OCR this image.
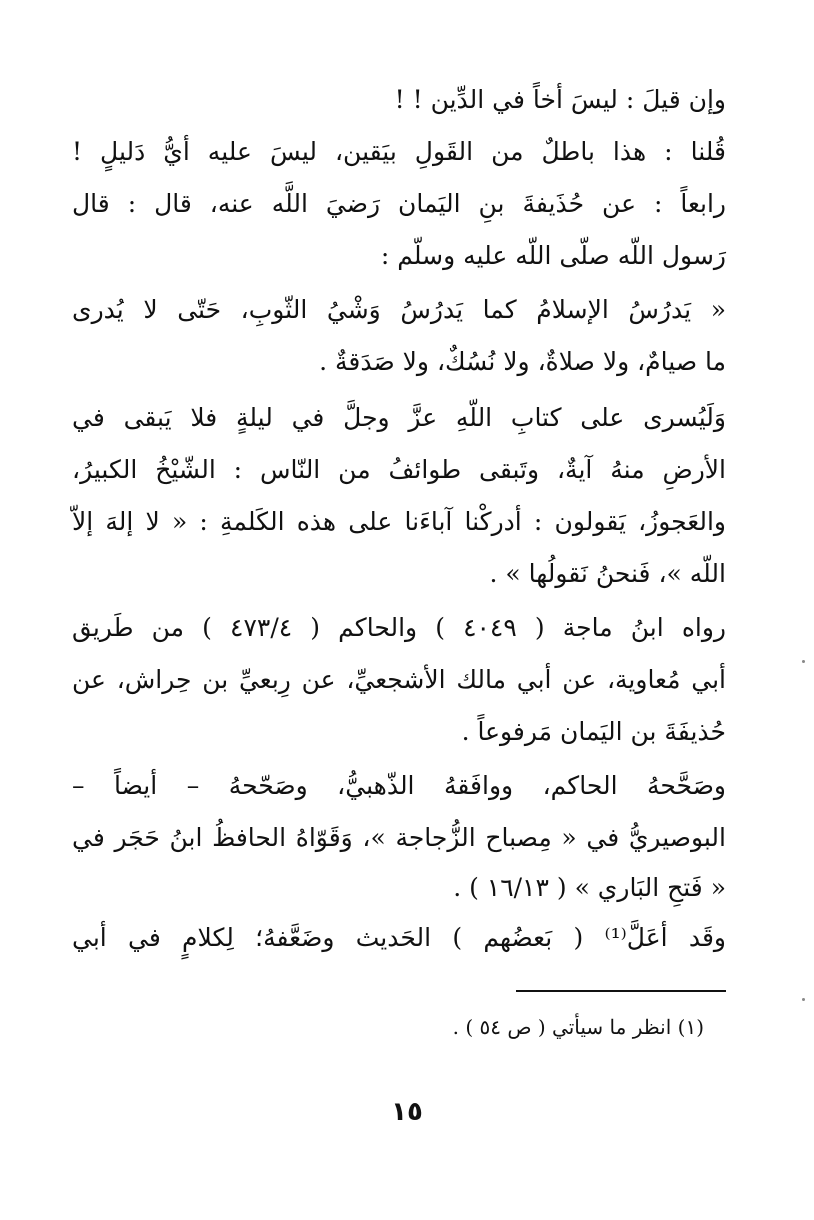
وإن قيلَ : ليسَ أخاً في الدِّين ! !
قُلنا : هذا باطلٌ من القَولِ بيَقين، ليسَ عليه أيُّ دَليلٍ !
رابعاً : عن حُذَيفةَ بنِ اليَمان رَضيَ اللَّه عنه، قال : قال
رَسول اللّه صلّى اللّه عليه وسلّم :
« يَدرُسُ الإسلامُ كما يَدرُسُ وَشْيُ الثّوبِ، حَتّى لا يُدرى
ما صيامٌ، ولا صلاةٌ، ولا نُسُكٌ، ولا صَدَقةٌ .
وَلَيُسرى على كتابِ اللّهِ عزَّ وجلَّ في ليلةٍ فلا يَبقى في
الأرضِ منهُ آيةٌ، وتَبقى طوائفُ من النّاس : الشّيْخُ الكبيرُ،
والعَجوزُ، يَقولون : أدركْنا آباءَنا على هذه الكَلمةِ : « لا إلهَ إلاّ
اللّه »، فَنحنُ نَقولُها » .
رواه ابنُ ماجة ( ٤٠٤٩ ) والحاكم ( ٤٧٣/٤ ) من طَريق
أبي مُعاوية، عن أبي مالك الأشجعيِّ، عن رِبعيِّ بن حِراش، عن
حُذيفَةَ بن اليَمان مَرفوعاً .
وصَحَّحهُ الحاكم، ووافَقهُ الذّهبيُّ، وصَحّحهُ – أيضاً –
البوصيريُّ في « مِصباح الزُّجاجة »، وَقَوّاهُ الحافظُ ابنُ حَجَر في
« فَتحِ البَاري » ( ١٦/١٣ ) .
وقَد أعَلَّ⁽¹⁾ ( بَعضُهم ) الحَديث وضَعَّفهُ؛ لِكلامٍ في أبي
(١) انظر ما سيأتي ( ص ٥٤ ) .
١٥
